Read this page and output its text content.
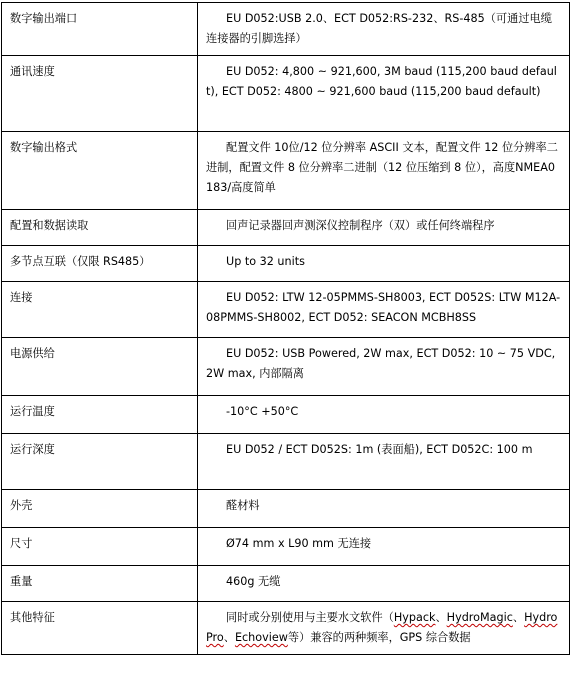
数字输出端口	EU D052:USB 2.0、ECT D052:RS-232、RS-485（可通过电缆连接器的引脚选择）
通讯速度	EU D052: 4,800 ~ 921,600, 3M baud (115,200 baud default), ECT D052: 4800 ~ 921,600 baud (115,200 baud default)
数字输出格式	配置文件 10位/12 位分辨率 ASCII 文本，配置文件 12 位分辨率二进制，配置文件 8 位分辨率二进制（12 位压缩到 8 位），高度NMEA0183/高度简单
配置和数据读取	回声记录器回声测深仪控制程序（双）或任何终端程序
多节点互联（仅限 RS485）	Up to 32 units
连接	EU D052: LTW 12-05PMMS-SH8003, ECT D052S: LTW M12A-08PMMS-SH8002, ECT D052: SEACON MCBH8SS
电源供给	EU D052: USB Powered, 2W max, ECT D052: 10 ~ 75 VDC, 2W max, 内部隔离
运行温度	-10°C +50°C
运行深度	EU D052 / ECT D052S: 1m (表面船), ECT D052C: 100 m
外壳	醛材料
尺寸	Ø74 mm x L90 mm 无连接
重量	460g 无缆
其他特征	同时或分别使用与主要水文软件（Hypack、HydroMagic、HydroPro、Echoview等）兼容的两种频率，GPS 综合数据
